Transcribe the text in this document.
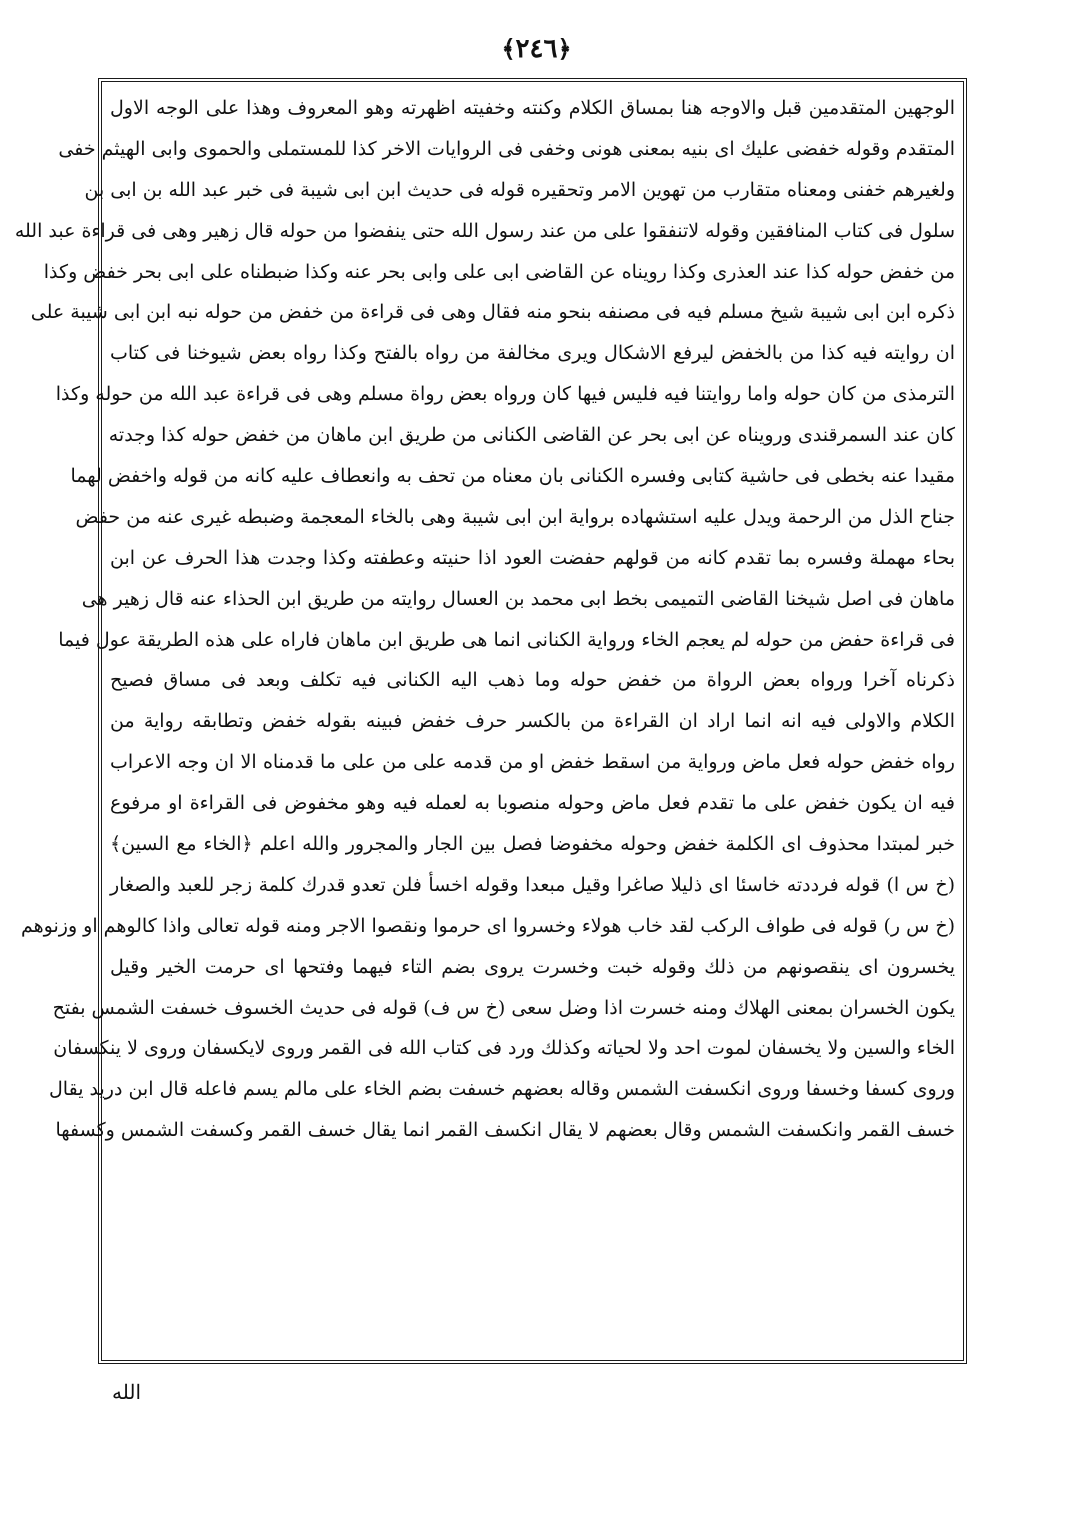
﴿٢٤٦﴾
الوجهين المتقدمين قبل والاوجه هنا بمساق الكلام وكنته وخفيته اظهرته وهو المعروف وهذا على الوجه الاول
المتقدم وقوله خفضى عليك اى بنيه بمعنى هونى وخفى فى الروايات الاخر كذا للمستملى والحموى وابى الهيثم خفى
ولغيرهم خفنى ومعناه متقارب من تهوين الامر وتحقيره قوله فى حديث ابن ابى شيبة فى خبر عبد الله بن ابى بن
سلول فى كتاب المنافقين وقوله لاتنفقوا على من عند رسول الله حتى ينفضوا من حوله قال زهير وهى فى قراءة عبد الله
من خفض حوله كذا عند العذرى وكذا رويناه عن القاضى ابى على وابى بحر عنه وكذا ضبطناه على ابى بحر خفض وكذا
ذكره ابن ابى شيبة شيخ مسلم فيه فى مصنفه بنحو منه فقال وهى فى قراءة من خفض من حوله نبه ابن ابى شيبة على
ان روايته فيه كذا من بالخفض ليرفع الاشكال ويرى مخالفة من رواه بالفتح وكذا رواه بعض شيوخنا فى كتاب
الترمذى من كان حوله واما روايتنا فيه فليس فيها كان ورواه بعض رواة مسلم وهى فى قراءة عبد الله من حوله وكذا
كان عند السمرقندى ورويناه عن ابى بحر عن القاضى الكنانى من طريق ابن ماهان من خفض حوله كذا وجدته
مقيدا عنه بخطى فى حاشية كتابى وفسره الكنانى بان معناه من تحف به وانعطاف عليه كانه من قوله واخفض لهما
جناح الذل من الرحمة ويدل عليه استشهاده برواية ابن ابى شيبة وهى بالخاء المعجمة وضبطه غيرى عنه من حفض
بحاء مهملة وفسره بما تقدم كانه من قولهم حفضت العود اذا حنيته وعطفته وكذا وجدت هذا الحرف عن ابن
ماهان فى اصل شيخنا القاضى التميمى بخط ابى محمد بن العسال روايته من طريق ابن الحذاء عنه قال زهير هى
فى قراءة حفض من حوله لم يعجم الخاء ورواية الكنانى انما هى طريق ابن ماهان فاراه على هذه الطريقة عول فيما
ذكرناه آخرا ورواه بعض الرواة من خفض حوله وما ذهب اليه الكنانى فيه تكلف وبعد فى مساق فصيح
الكلام والاولى فيه انه انما اراد ان القراءة من بالكسر حرف خفض فبينه بقوله خفض وتطابقه رواية من
رواه خفض حوله فعل ماض ورواية من اسقط خفض او من قدمه على من على ما قدمناه الا ان وجه الاعراب
فيه ان يكون خفض على ما تقدم فعل ماض وحوله منصوبا به لعمله فيه وهو مخفوض فى القراءة او مرفوع
خبر لمبتدا محذوف اى الكلمة خفض وحوله مخفوضا فصل بين الجار والمجرور والله اعلم ﴿الخاء مع السين﴾
(خ س ا) قوله فرددته خاسئا اى ذليلا صاغرا وقيل مبعدا وقوله اخسأ فلن تعدو قدرك كلمة زجر للعبد والصغار
(خ س ر) قوله فى طواف الركب لقد خاب هولاء وخسروا اى حرموا ونقصوا الاجر ومنه قوله تعالى واذا كالوهم او وزنوهم
يخسرون اى ينقصونهم من ذلك وقوله خبت وخسرت يروى بضم التاء فيهما وفتحها اى حرمت الخير وقيل
يكون الخسران بمعنى الهلاك ومنه خسرت اذا وضل سعى (خ س ف) قوله فى حديث الخسوف خسفت الشمس بفتح
الخاء والسين ولا يخسفان لموت احد ولا لحياته وكذلك ورد فى كتاب الله فى القمر وروى لايكسفان وروى لا ينكسفان
وروى كسفا وخسفا وروى انكسفت الشمس وقاله بعضهم خسفت بضم الخاء على مالم يسم فاعله قال ابن دريد يقال
خسف القمر وانكسفت الشمس وقال بعضهم لا يقال انكسف القمر انما يقال خسف القمر وكسفت الشمس وكسفها
الله
